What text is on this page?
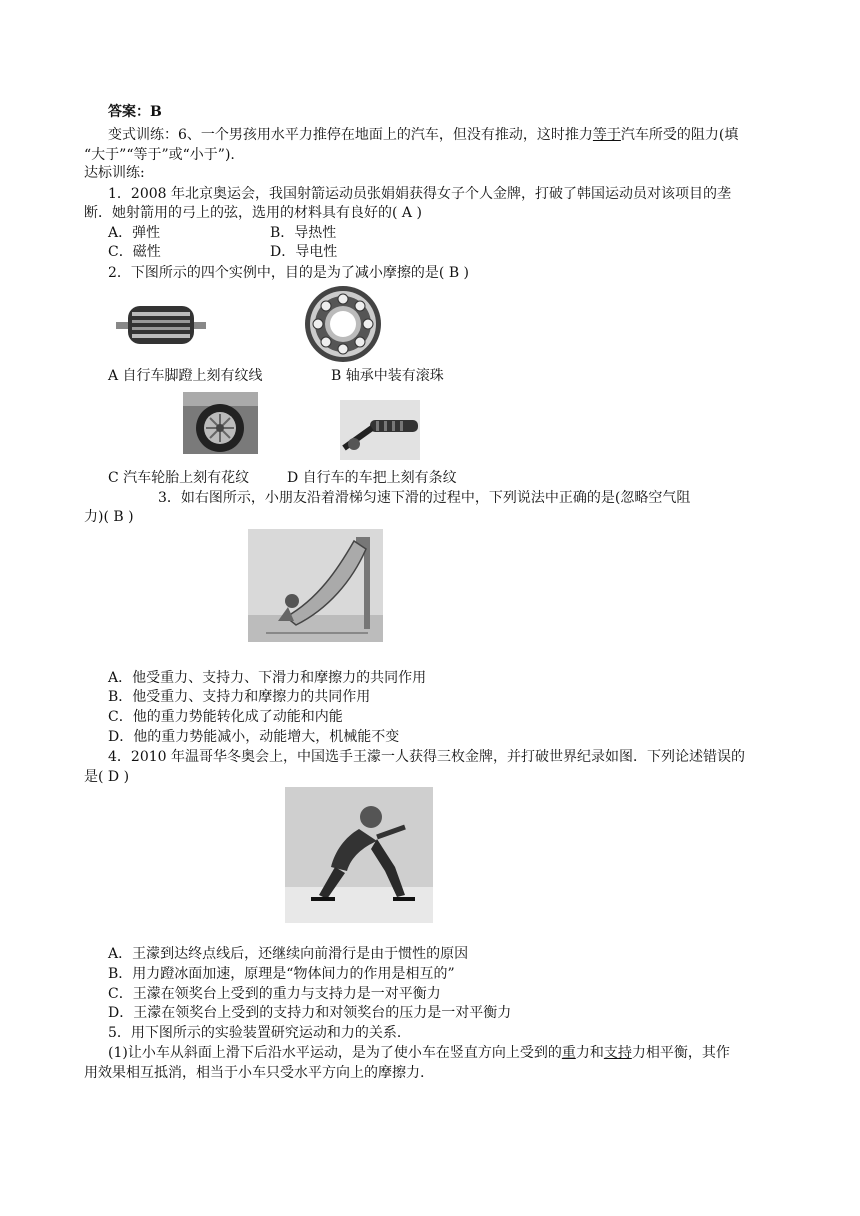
答案：B
变式训练：6、一个男孩用水平力推停在地面上的汽车，但没有推动，这时推力等于汽车所受的阻力(填
“大于”“等于”或“小于”).
达标训练:
1．2008 年北京奥运会，我国射箭运动员张娟娟获得女子个人金牌，打破了韩国运动员对该项目的垄
断．她射箭用的弓上的弦，选用的材料具有良好的( A )
A．弹性	B．导热性
C．磁性	D．导电性
2．下图所示的四个实例中，目的是为了减小摩擦的是( B )
A 自行车脚蹬上刻有纹线	B 轴承中装有滚珠
C 汽车轮胎上刻有花纹	D 自行车的车把上刻有条纹
3．如右图所示，小朋友沿着滑梯匀速下滑的过程中，下列说法中正确的是(忽略空气阻
力)( B )
A．他受重力、支持力、下滑力和摩擦力的共同作用
B．他受重力、支持力和摩擦力的共同作用
C．他的重力势能转化成了动能和内能
D．他的重力势能减小，动能增大，机械能不变
4．2010 年温哥华冬奥会上，中国选手王濛一人获得三枚金牌，并打破世界纪录如图．下列论述错误的
是( D )
A．王濛到达终点线后，还继续向前滑行是由于惯性的原因
B．用力蹬冰面加速，原理是“物体间力的作用是相互的”
C．王濛在领奖台上受到的重力与支持力是一对平衡力
D．王濛在领奖台上受到的支持力和对领奖台的压力是一对平衡力
5．用下图所示的实验装置研究运动和力的关系．
(1)让小车从斜面上滑下后沿水平运动，是为了使小车在竖直方向上受到的重力和支持力相平衡，其作
用效果相互抵消，相当于小车只受水平方向上的摩擦力.
